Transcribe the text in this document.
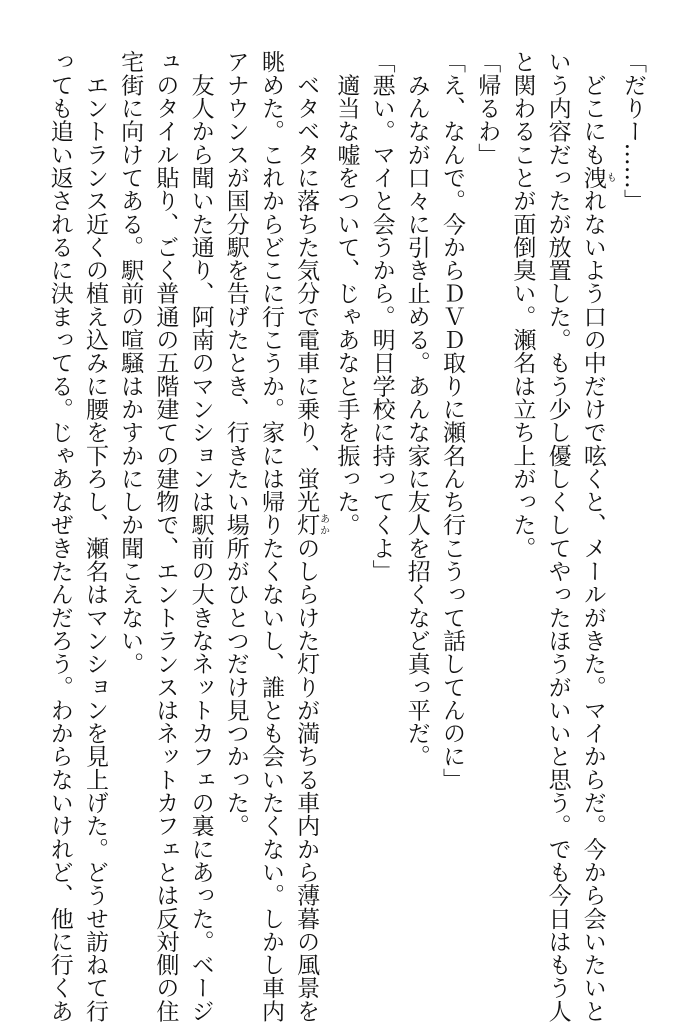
「だりー……」

　どこにも洩もれないよう口の中だけで呟くと、メールがきた。マイからだ。今から会いたいと

いう内容だったが放置した。もう少し優しくしてやったほうがいいと思う。でも今日はもう人

と関わることが面倒臭い。瀬名は立ち上がった。

「帰るわ」

「え、なんで。今からＤＶＤ取りに瀬名んち行こうって話してんのに」

　みんなが口々に引き止める。あんな家に友人を招くなど真っ平だ。

「悪い。マイと会うから。明日学校に持ってくよ」

　適当な嘘をついて、じゃあなと手を振った。

　ベタベタに落ちた気分で電車に乗り、蛍光灯あかのしらけた灯りが満ちる車内から薄暮の風景を

眺めた。これからどこに行こうか。家には帰りたくないし、誰とも会いたくない。しかし車内

アナウンスが国分駅を告げたとき、行きたい場所がひとつだけ見つかった。

　友人から聞いた通り、阿南のマンションは駅前の大きなネットカフェの裏にあった。ベージ

ュのタイル貼り、ごく普通の五階建ての建物で、エントランスはネットカフェとは反対側の住

宅街に向けてある。駅前の喧騒はかすかにしか聞こえない。

　エントランス近くの植え込みに腰を下ろし、瀬名はマンションを見上げた。どうせ訪ねて行

っても追い返されるに決まってる。じゃあなぜきたんだろう。わからないけれど、他に行くあ
